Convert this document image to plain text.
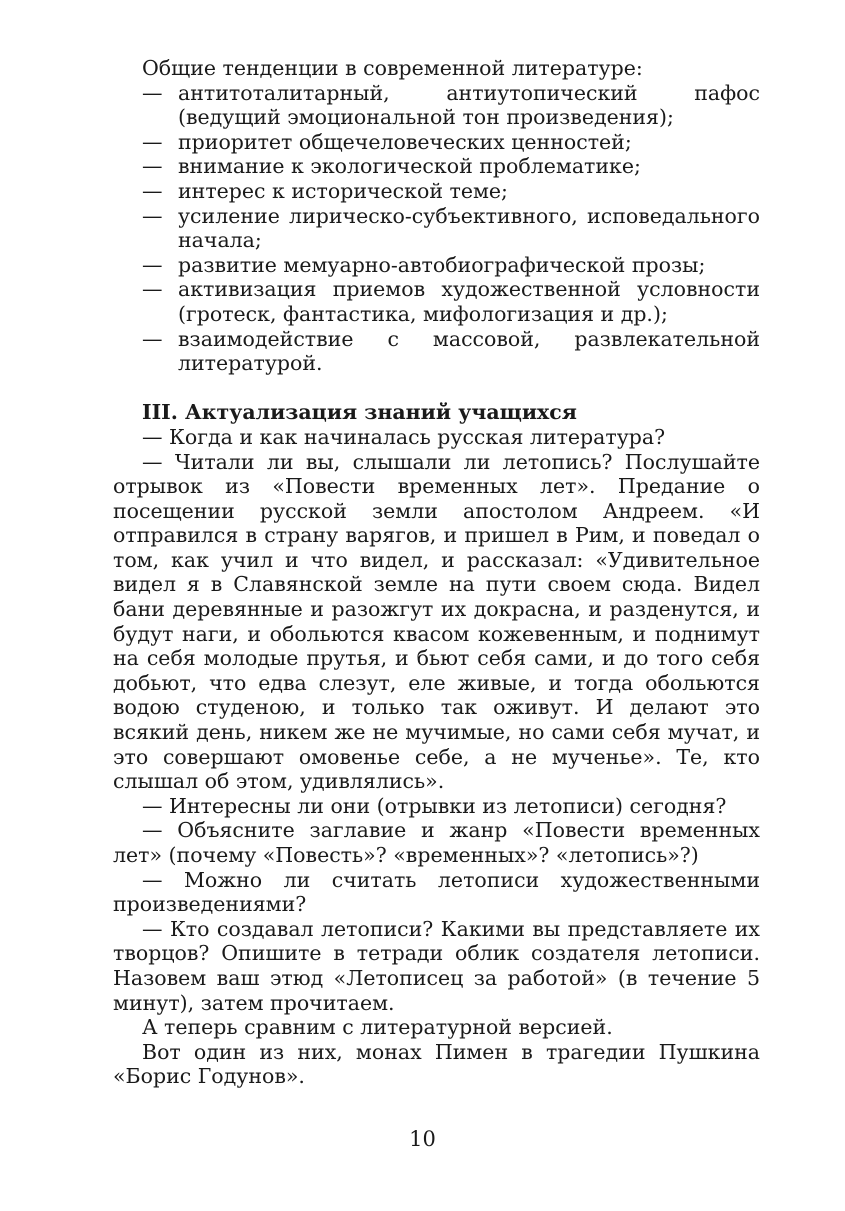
Общие тенденции в современной литературе:

— антитоталитарный, антиутопический пафос (ведущий эмоциональной тон произведения);
— приоритет общечеловеческих ценностей;
— внимание к экологической проблематике;
— интерес к исторической теме;
— усиление лирическо-субъективного, исповедального начала;
— развитие мемуарно-автобиографической прозы;
— активизация приемов художественной условности (гротеск, фантастика, мифологизация и др.);
— взаимодействие с массовой, развлекательной литературой.

III. Актуализация знаний учащихся

— Когда и как начиналась русская литература?

— Читали ли вы, слышали ли летопись? Послушайте отрывок из «Повести временных лет». Предание о посещении русской земли апостолом Андреем. «И отправился в страну варягов, и пришел в Рим, и поведал о том, как учил и что видел, и рассказал: «Удивительное видел я в Славянской земле на пути своем сюда. Видел бани деревянные и разожгут их докрасна, и разденутся, и будут наги, и обольются квасом кожевенным, и поднимут на себя молодые прутья, и бьют себя сами, и до того себя добьют, что едва слезут, еле живые, и тогда обольются водою студеною, и только так оживут. И делают это всякий день, никем же не мучимые, но сами себя мучат, и это совершают омовенье себе, а не мученье». Те, кто слышал об этом, удивлялись».

— Интересны ли они (отрывки из летописи) сегодня?

— Объясните заглавие и жанр «Повести временных лет» (почему «Повесть»? «временных»? «летопись»?)

— Можно ли считать летописи художественными произведениями?

— Кто создавал летописи? Какими вы представляете их творцов? Опишите в тетради облик создателя летописи. Назовем ваш этюд «Летописец за работой» (в течение 5 минут), затем прочитаем.

А теперь сравним с литературной версией.

Вот один из них, монах Пимен в трагедии Пушкина «Борис Годунов».

10
